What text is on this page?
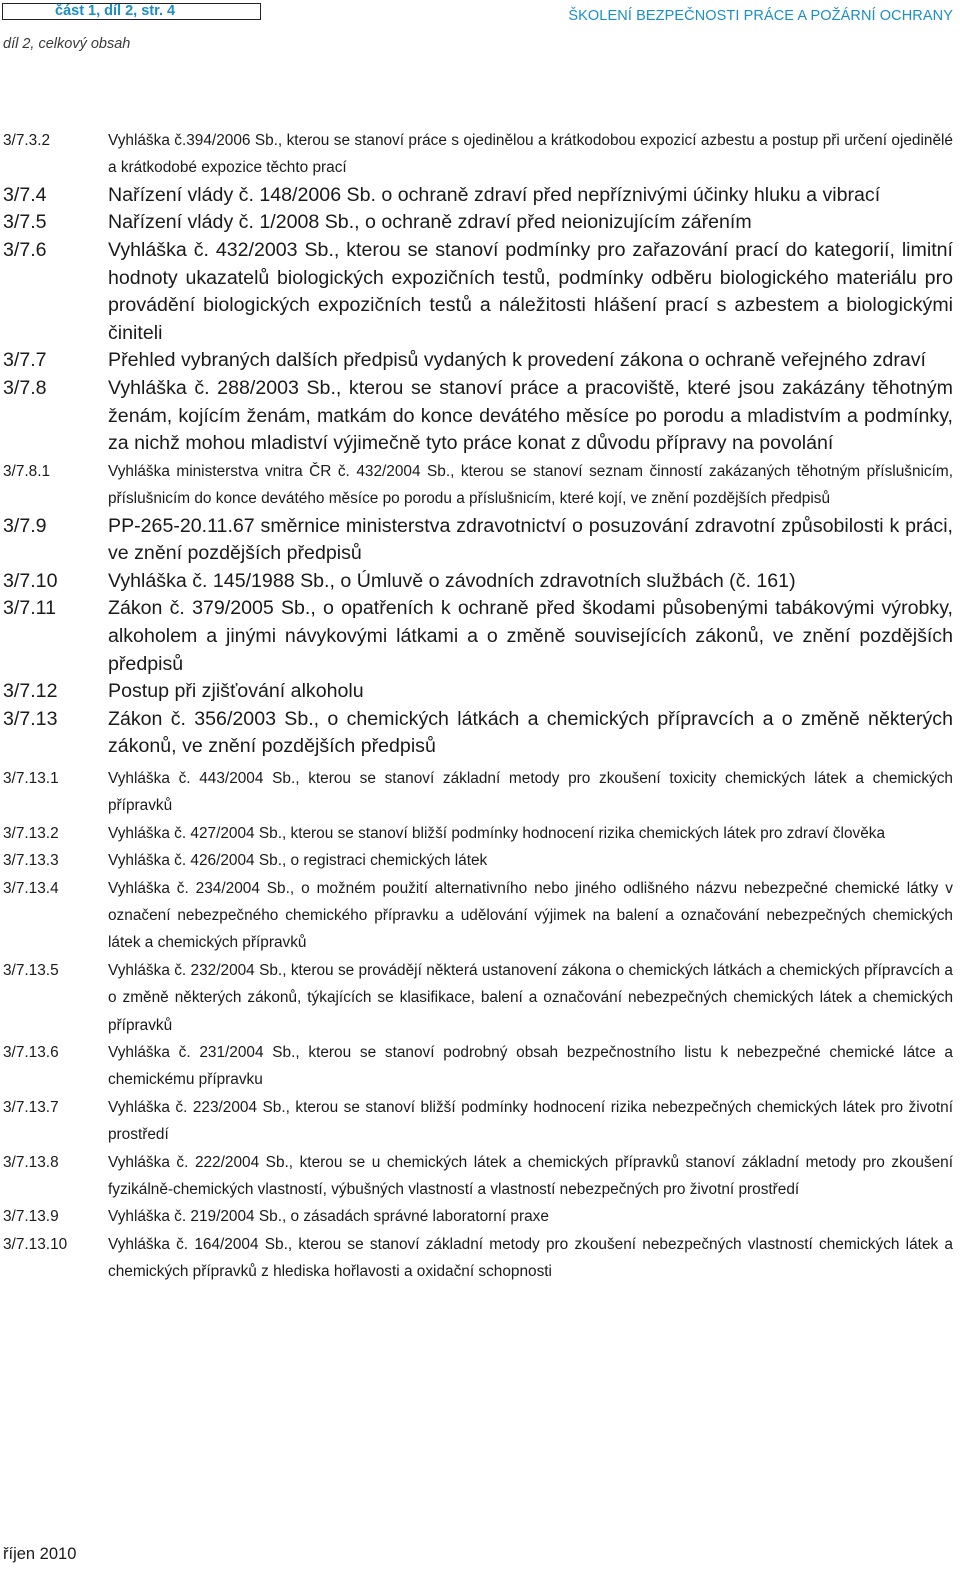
část 1, díl 2, str. 4	ŠKOLENÍ BEZPEČNOSTI PRÁCE A POŽÁRNÍ OCHRANY
díl 2, celkový obsah
3/7.3.2	Vyhláška č.394/2006 Sb., kterou se stanoví práce s ojedinělou a krátkodobou expozicí azbestu a postup při určení ojedinělé a krátkodobé expozice těchto prací
3/7.4	Nařízení vlády č. 148/2006 Sb. o ochraně zdraví před nepříznivými účinky hluku a vibrací
3/7.5	Nařízení vlády č. 1/2008 Sb., o ochraně zdraví před neionizujícím zářením
3/7.6	Vyhláška č. 432/2003 Sb., kterou se stanoví podmínky pro zařazování prací do kategorií, limitní hodnoty ukazatelů biologických expozičních testů, podmínky odběru biologického materiálu pro provádění biologických expozičních testů a náležitosti hlášení prací s azbestem a biologickými činiteli
3/7.7	Přehled vybraných dalších předpisů vydaných k provedení zákona o ochraně veřejného zdraví
3/7.8	Vyhláška č. 288/2003 Sb., kterou se stanoví práce a pracoviště, které jsou zakázány těhotným ženám, kojícím ženám, matkám do konce devátého měsíce po porodu a mladistvím a podmínky, za nichž mohou mladiství výjimečně tyto práce konat z důvodu přípravy na povolání
3/7.8.1	Vyhláška ministerstva vnitra ČR č. 432/2004 Sb., kterou se stanoví seznam činností zakázaných těhotným příslušnicím, příslušnicím do konce devátého měsíce po porodu a příslušnicím, které kojí, ve znění pozdějších předpisů
3/7.9	PP-265-20.11.67 směrnice ministerstva zdravotnictví o posuzování zdravotní způsobilosti k práci, ve znění pozdějších předpisů
3/7.10	Vyhláška č. 145/1988 Sb., o Úmluvě o závodních zdravotních službách (č. 161)
3/7.11	Zákon č. 379/2005 Sb., o opatřeních k ochraně před škodami působenými tabákovými výrobky, alkoholem a jinými návykovými látkami a o změně souvisejících zákonů, ve znění pozdějších předpisů
3/7.12	Postup při zjišťování alkoholu
3/7.13	Zákon č. 356/2003 Sb., o chemických látkách a chemických přípravcích a o změně některých zákonů, ve znění pozdějších předpisů
3/7.13.1	Vyhláška č. 443/2004 Sb., kterou se stanoví základní metody pro zkoušení toxicity chemických látek a chemických přípravků
3/7.13.2	Vyhláška č. 427/2004 Sb., kterou se stanoví bližší podmínky hodnocení rizika chemických látek pro zdraví člověka
3/7.13.3	Vyhláška č. 426/2004 Sb., o registraci chemických látek
3/7.13.4	Vyhláška č. 234/2004 Sb., o možném použití alternativního nebo jiného odlišného názvu nebezpečné chemické látky v označení nebezpečného chemického přípravku a udělování výjimek na balení a označování nebezpečných chemických látek a chemických přípravků
3/7.13.5	Vyhláška č. 232/2004 Sb., kterou se provádějí některá ustanovení zákona o chemických látkách a chemických přípravcích a o změně některých zákonů, týkajících se klasifikace, balení a označování nebezpečných chemických látek a chemických přípravků
3/7.13.6	Vyhláška č. 231/2004 Sb., kterou se stanoví podrobný obsah bezpečnostního listu k nebezpečné chemické látce a chemickému přípravku
3/7.13.7	Vyhláška č. 223/2004 Sb., kterou se stanoví bližší podmínky hodnocení rizika nebezpečných chemických látek pro životní prostředí
3/7.13.8	Vyhláška č. 222/2004 Sb., kterou se u chemických látek a chemických přípravků stanoví základní metody pro zkoušení fyzikálně-chemických vlastností, výbušných vlastností a vlastností nebezpečných pro životní prostředí
3/7.13.9	Vyhláška č. 219/2004 Sb., o zásadách správné laboratorní praxe
3/7.13.10	Vyhláška č. 164/2004 Sb., kterou se stanoví základní metody pro zkoušení nebezpečných vlastností chemických látek a chemických přípravků z hlediska hořlavosti a oxidační schopnosti
říjen 2010
